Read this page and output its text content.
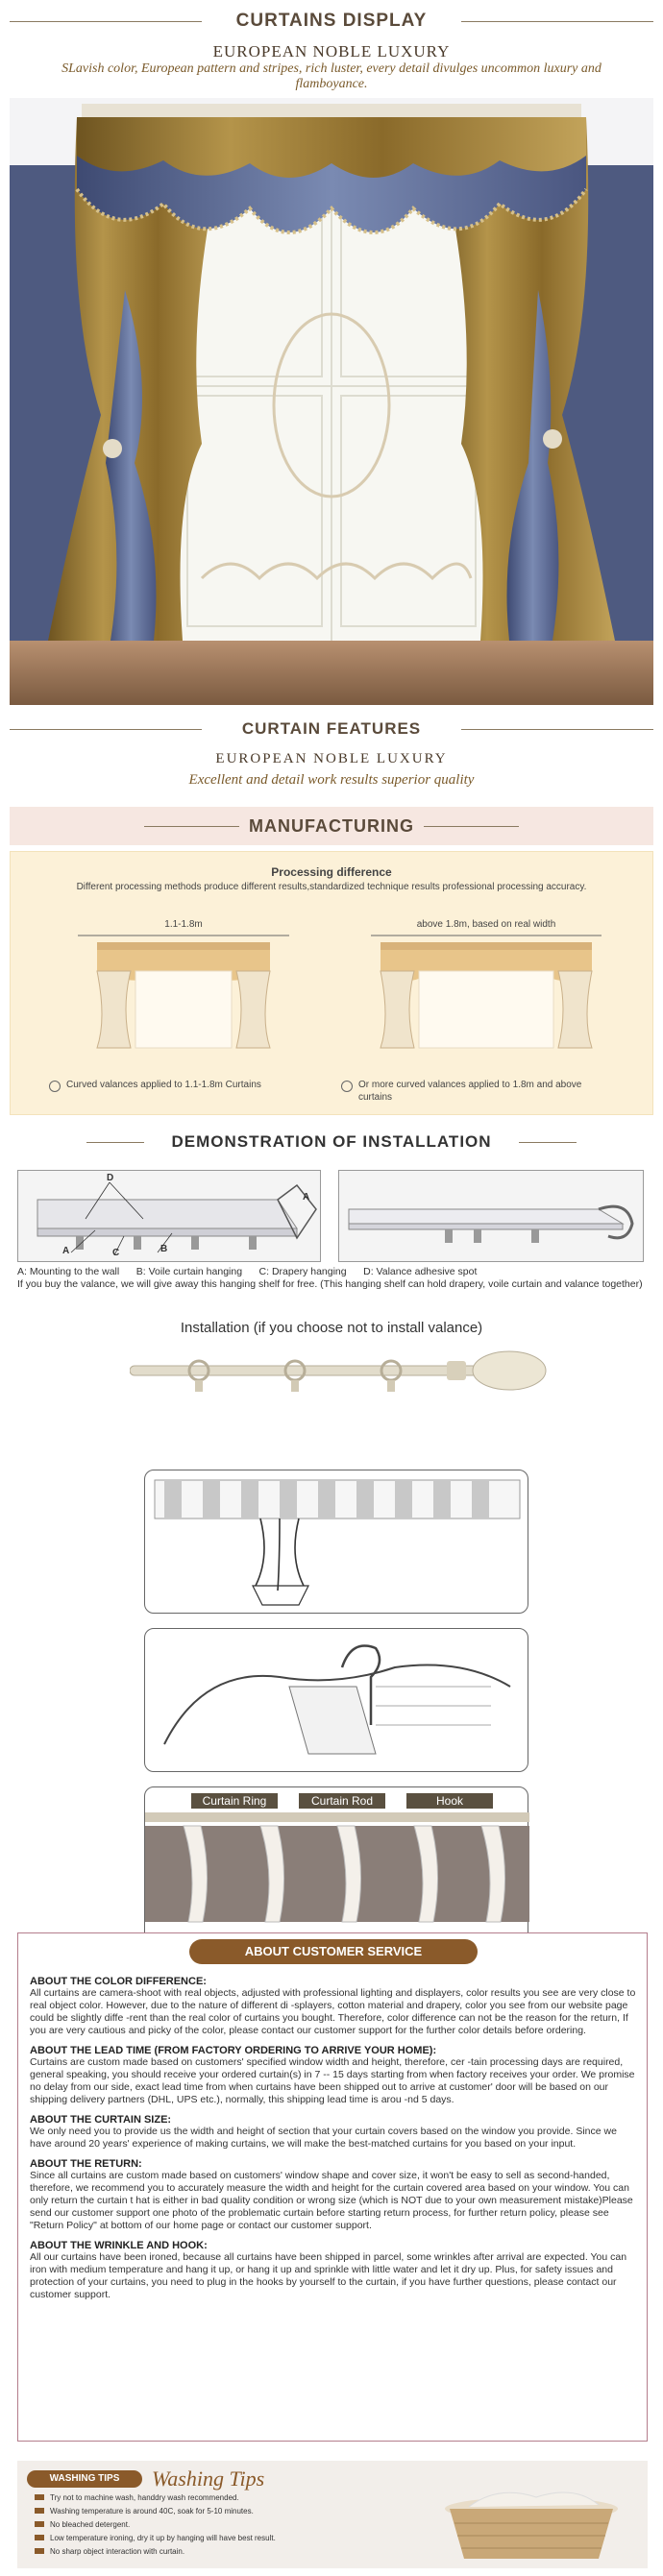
CURTAINS DISPLAY
EUROPEAN NOBLE LUXURY
SLavish color, European pattern and stripes, rich luster, every detail divulges uncommon luxury and flamboyance.
CURTAIN FEATURES
EUROPEAN NOBLE LUXURY
Excellent and detail work results superior quality
MANUFACTURING
Processing difference
Different processing methods produce different results,standardized technique results professional processing accuracy.
1.1-1.8m	above 1.8m, based on real width
Curved valances applied to 1.1-1.8m Curtains	Or more curved valances applied to 1.8m and above curtains
DEMONSTRATION OF INSTALLATION
D
A	C	B
A
A: Mounting to the wall      B: Voile curtain hanging      C: Drapery hanging      D: Valance adhesive spot
If you buy the valance, we will give away this hanging shelf for free. (This hanging shelf can hold drapery, voile curtain and valance together)
Installation (if you choose not to install valance)
Curtain Ring	Curtain Rod	Hook
ABOUT CUSTOMER SERVICE
ABOUT THE COLOR DIFFERENCE:
All curtains are camera-shoot with real objects, adjusted with professional lighting and displayers, color results you see are very close to real object color. However, due to the nature of different di -splayers, cotton material and drapery, color you see from our website page could be slightly diffe -rent than the real color of curtains you bought. Therefore, color difference can not be the reason for the return, If you are very cautious and picky of the color, please contact our customer support for the further color details before ordering.
ABOUT THE LEAD TIME (FROM FACTORY ORDERING TO ARRIVE YOUR HOME):
Curtains are custom made based on customers' specified window width and height, therefore, cer -tain processing days are required, general speaking, you should receive your ordered curtain(s) in 7 -- 15 days starting from when factory receives your order. We promise no delay from our side, exact lead time from when curtains have been shipped out to arrive at customer' door will be based on our shipping delivery partners (DHL, UPS etc.), normally, this shipping lead time is arou -nd 5 days.
ABOUT THE CURTAIN SIZE:
We only need you to provide us the width and height of section that your curtain covers based on the window you provide. Since we have around 20 years' experience of making curtains, we will make the best-matched curtains for you based on your input.
ABOUT THE RETURN:
Since all curtains are custom made based on customers' window shape and cover size, it won't be easy to sell as second-handed, therefore, we recommend you to accurately measure the width and height for the curtain covered area based on your window. You can only return the curtain t hat is either in bad quality condition or wrong size (which is NOT due to your own measurement mistake)Please send our customer support one photo of the problematic curtain before starting return process, for further return policy, please see "Return Policy" at bottom of our home page or contact our customer support.
ABOUT THE WRINKLE AND HOOK:
All our curtains have been ironed, because all curtains have been shipped in parcel, some wrinkles after arrival are expected. You can iron with medium temperature and hang it up, or hang it up and sprinkle with little water and let it dry up. Plus, for safety issues and protection of your curtains, you need to plug in the hooks by yourself to the curtain, if you have further questions, please contact our customer support.
WASHING TIPS	Washing Tips
Try not to machine wash, handdry wash recommended.
Washing temperature is around 40C, soak for 5-10 minutes.
No bleached detergent.
Low temperature ironing, dry it up by hanging will have best result.
No sharp object interaction with curtain.
